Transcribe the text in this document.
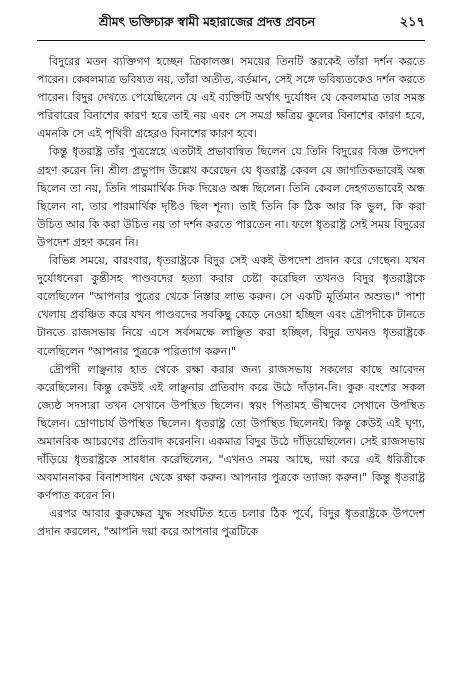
শ্রীমৎ ভক্তিচারু স্বামী মহারাজের প্রদত্ত প্রবচন	২১৭

বিদুরের মতন ব্যক্তিগণ হচ্ছেন ত্রিকালজ্ঞ। সময়ের তিনটি স্তরকেই তাঁরা দর্শন করতে পারেন। কেবলমাত্র ভবিষ্যত নয়, তাঁরা অতীত, বর্তমান, সেই সঙ্গে ভবিষ্যতকেও দর্শন করতে পারেন। বিদুর দেখতে পেয়েছিলেন যে এই ব্যক্তিটি অর্থাৎ দুর্যোধন যে কেবলমাত্র তার সমস্ত পরিবারের বিনাশের কারণ হবে তাই নয় এবং সে সমগ্র ক্ষত্রিয় কুলের বিনাশের কারণ হবে, এমনকি সে এই পৃথিবী গ্রহেরও বিনাশের কারণ হবে।

কিন্তু ধৃতরাষ্ট্র তাঁর পুত্রস্নেহে এতটাই প্রভাবান্বিত ছিলেন যে তিনি বিদুরের বিজ্ঞ উপদেশ গ্রহণ করেন নি। শ্রীল প্রভুপাদ উল্লেখ করেছেন যে ধৃতরাষ্ট্র কেবল যে জাগতিকভাবেই অন্ধ ছিলেন তা নয়, তিনি পারমার্থিক দিক দিয়েও অন্ধ ছিলেন। তিনি কেবল দেহগতভাবেই অন্ধ ছিলেন না, তার পারমার্থিক দৃষ্টিও ছিল শূন্য। তাই তিনি কি ঠিক আর কি ভুল, কি করা উচিত আর কি করা উচিত নয় তা দর্শন করতে পারতেন না। ফলে ধৃতরাষ্ট্র সেই সময় বিদুরের উপদেশ গ্রহণ করেন নি।

বিভিন্ন সময়ে, বারংবার, ধৃতরাষ্ট্রকে বিদুর সেই একই উপদেশ প্রদান করে গেছেন। যখন দুর্যোধনেরা কুন্তীসহ পাণ্ডবদের হত্যা করার চেষ্টা করেছিল তখনও বিদুর ধৃতরাষ্ট্রকে বলেছিলেন "আপনার পুত্রের থেকে নিস্তার লাভ করুন। সে একটি মূর্তিমান অশুভ।" পাশা খেলায় প্রবঞ্চিত করে যখন পাণ্ডবদের সবকিছু কেড়ে নেওয়া হচ্ছিল এবং দ্রৌপদীকে টানতে টানতে রাজসভায় নিয়ে এসে সর্বসমক্ষে লাঞ্ছিত করা হচ্ছিল, বিদুর তখনও ধৃতরাষ্ট্রকে বলেছিলেন "আপনার পুত্রকে পরিত্যাগ করুন।"

দ্রৌপদী লাঞ্ছনার হাত থেকে রক্ষা করার জন্য রাজসভায় সকলের কাছে আবেদন করেছিলেন। কিন্তু কেউই এই লাঞ্ছনার প্রতিবাদ করে উঠে দাঁড়ান-নি। কুরু বংশের সকল জ্যেষ্ঠ সদস্যরা তখন সেখানে উপস্থিত ছিলেন। স্বয়ং পিতামহ ভীষ্মদেব সেখানে উপস্থিত ছিলেন। দ্রোণাচার্য উপস্থিত ছিলেন। ধৃতরাষ্ট্র তো উপস্থিত ছিলেনই। কিন্তু কেউই এই ঘৃণ্য, অমানবিক আচরণের প্রতিবাদ করেননি। একমাত্র বিদুর উঠে দাঁড়িয়েছিলেন। সেই রাজসভায় দাঁড়িয়ে ধৃতরাষ্ট্রকে সাবধান করেছিলেন, "এখনও সময় আছে, দয়া করে এই ধরিত্রীকে অবমাননাকর বিনাশসাধন থেকে রক্ষা করুন। আপনার পুত্রকে ত্যাজ্য করুন।" কিন্তু ধৃতরাষ্ট্র কর্ণপাত করেন নি।

এরপর আবার কুরুক্ষেত্র যুদ্ধ সংঘটিত হতে চলার ঠিক পূর্বে, বিদুর ধৃতরাষ্ট্রকে উপদেশ প্রদান করলেন, "আপনি দয়া করে আপনার পুত্রটিকে
